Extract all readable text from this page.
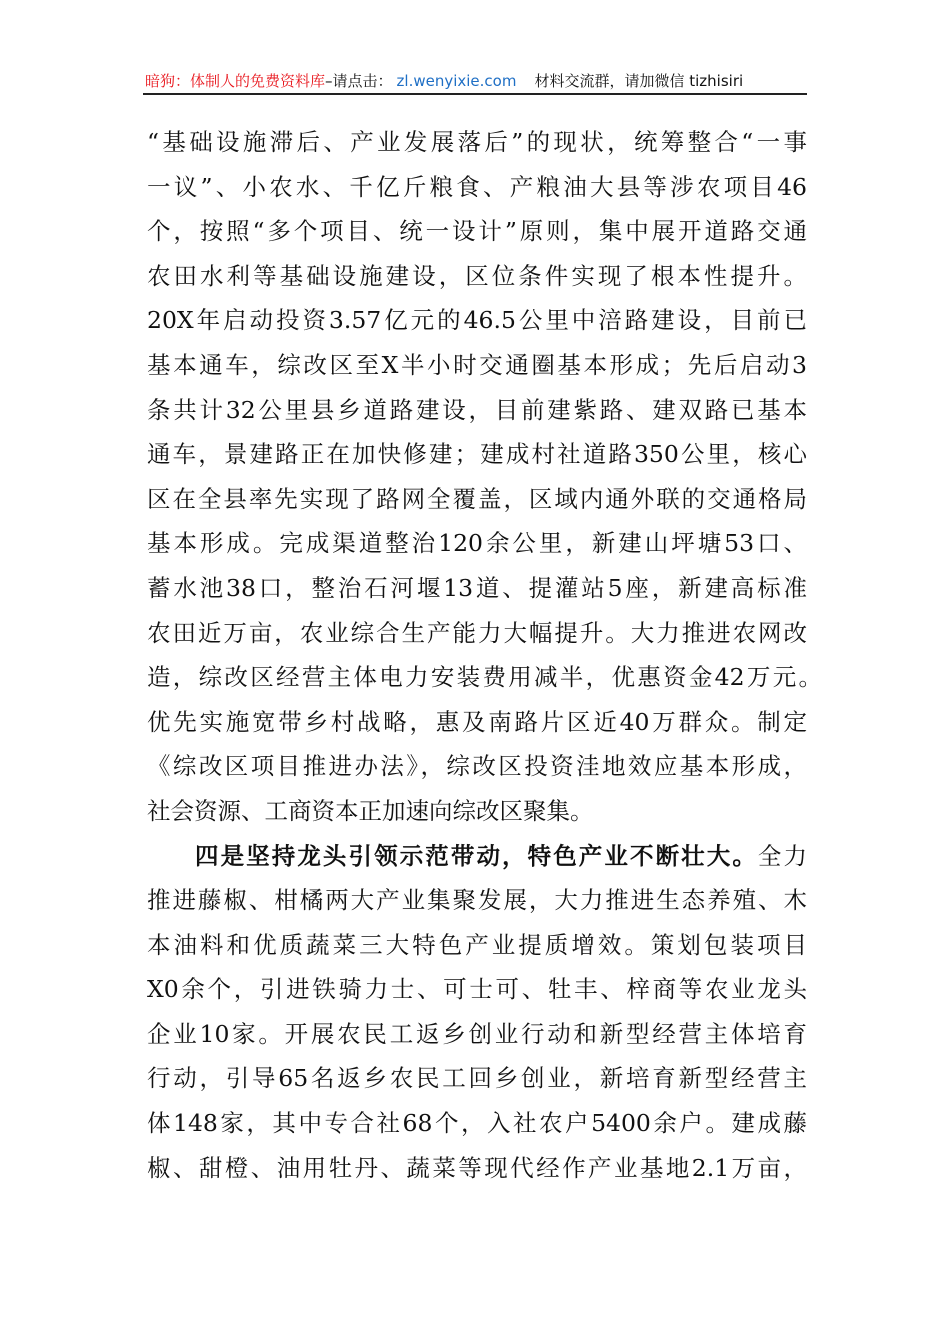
暗狗：体制人的免费资料库 –请点击： zl.wenyixie.com 材料交流群，请加微信 tizhisiri
“基础设施滞后、产业发展落后”的现状，统筹整合“一事
一议”、小农水、千亿斤粮食、产粮油大县等涉农项目46
个，按照“多个项目、统一设计”原则，集中展开道路交通
农田水利等基础设施建设，区位条件实现了根本性提升。
20X年启动投资3.57亿元的46.5公里中涪路建设，目前已
基本通车，综改区至X半小时交通圈基本形成；先后启动3
条共计32公里县乡道路建设，目前建紫路、建双路已基本
通车，景建路正在加快修建；建成村社道路350公里，核心
区在全县率先实现了路网全覆盖，区域内通外联的交通格局
基本形成。完成渠道整治120余公里，新建山坪塘53口、
蓄水池38口，整治石河堰13道、提灌站5座，新建高标准
农田近万亩，农业综合生产能力大幅提升。大力推进农网改
造，综改区经营主体电力安装费用减半，优惠资金42万元。
优先实施宽带乡村战略，惠及南路片区近40万群众。制定
《综改区项目推进办法》，综改区投资洼地效应基本形成，
社会资源、工商资本正加速向综改区聚集。
四是坚持龙头引领示范带动，特色产业不断壮大。全力
推进藤椒、柑橘两大产业集聚发展，大力推进生态养殖、木
本油料和优质蔬菜三大特色产业提质增效。策划包装项目
X0余个，引进铁骑力士、可士可、牡丰、梓商等农业龙头
企业10家。开展农民工返乡创业行动和新型经营主体培育
行动，引导65名返乡农民工回乡创业，新培育新型经营主
体148家，其中专合社68个，入社农户5400余户。建成藤
椒、甜橙、油用牡丹、蔬菜等现代经作产业基地2.1万亩，
